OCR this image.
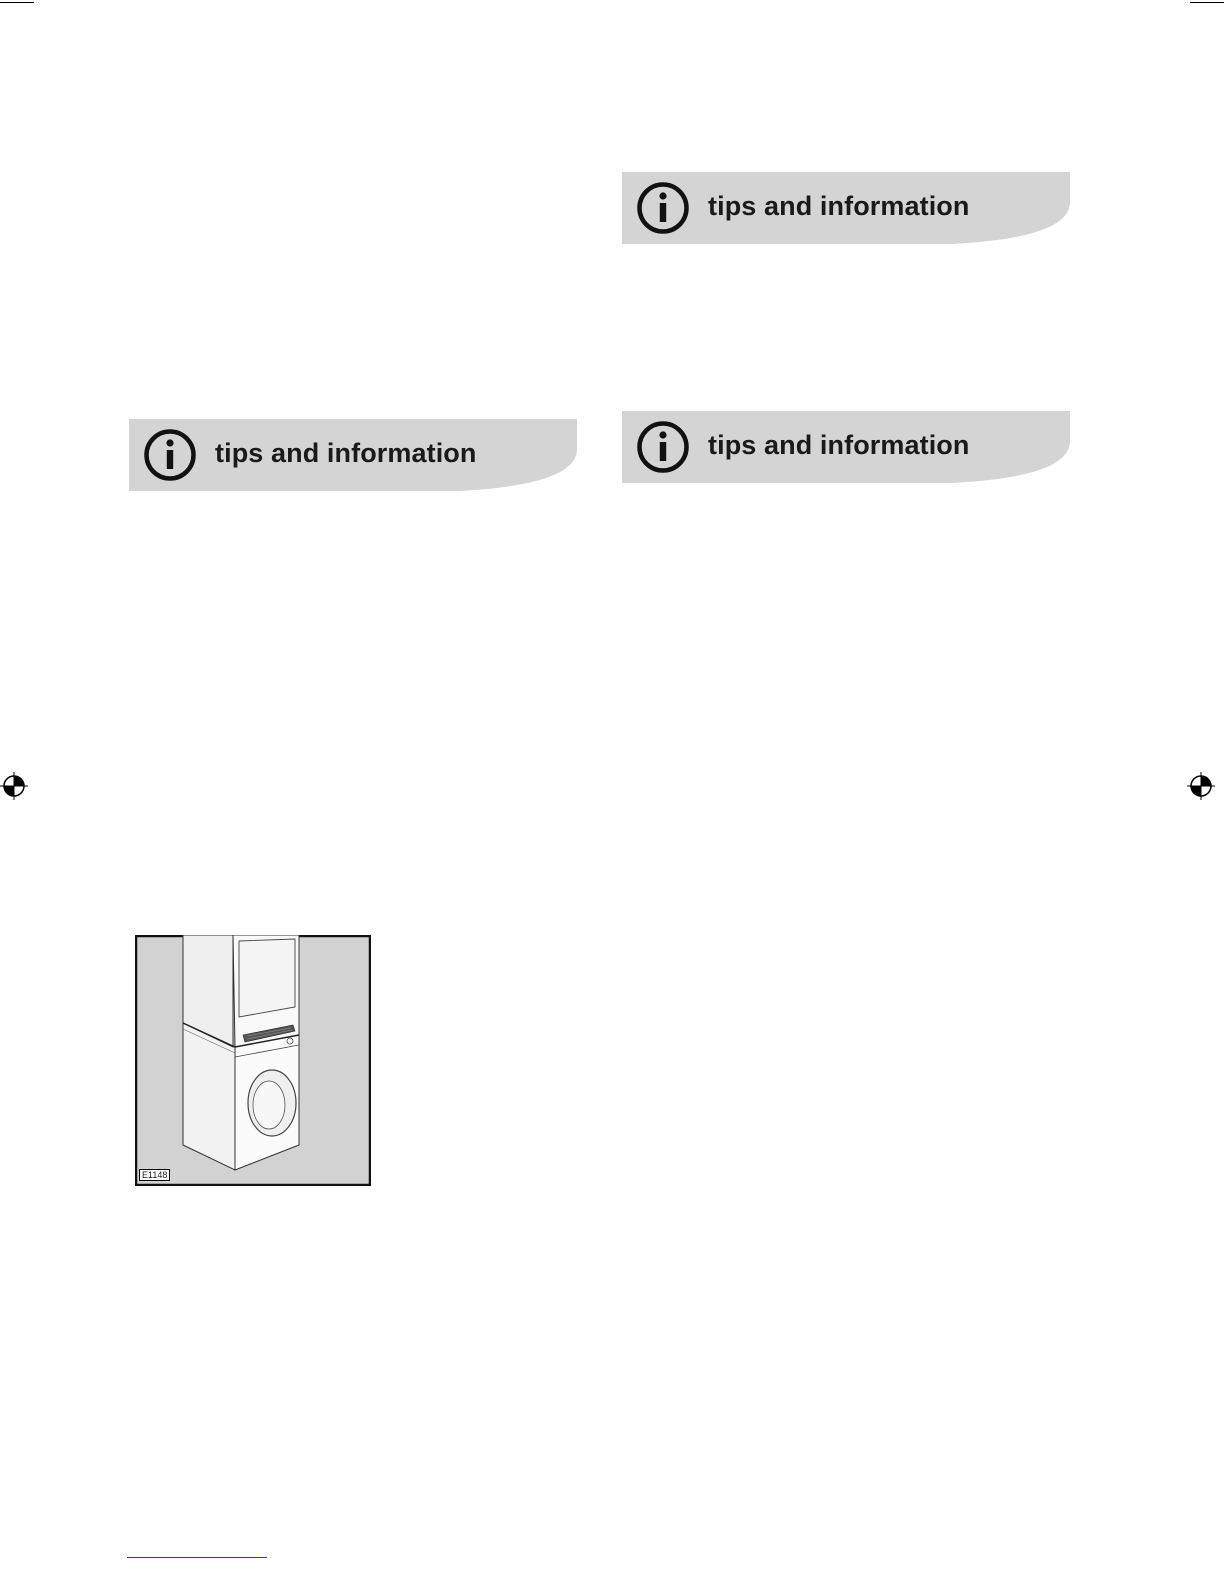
tips and information
tips and information	tips and information
E1148
